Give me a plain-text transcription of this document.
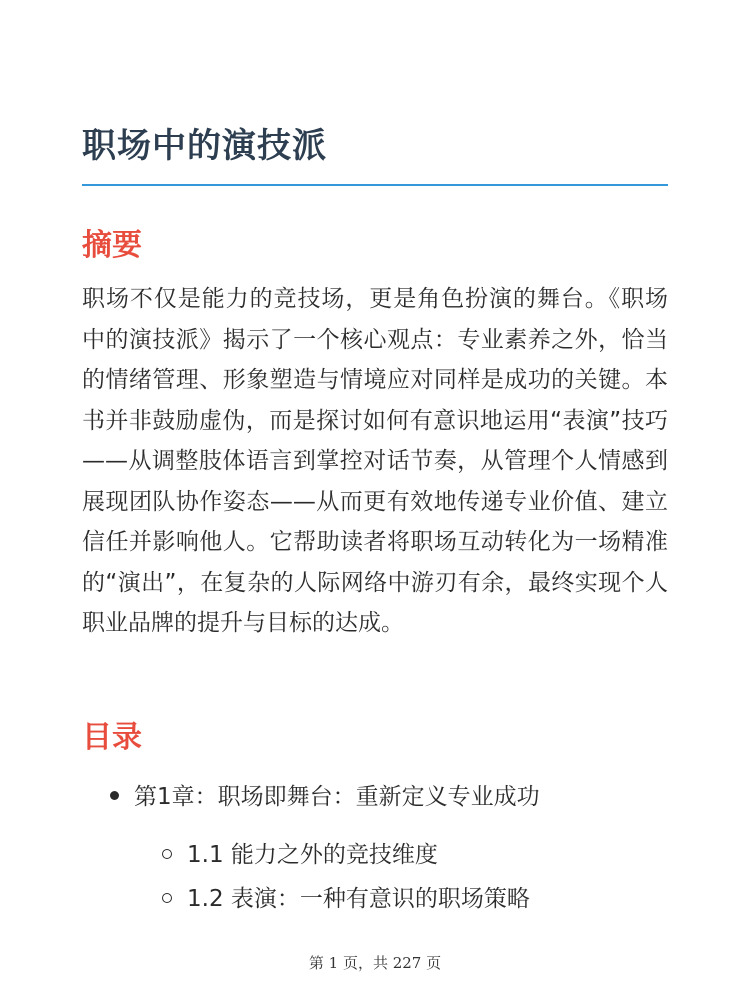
职场中的演技派
摘要

职场不仅是能力的竞技场，更是角色扮演的舞台。《职场中的演技派》揭示了一个核心观点：专业素养之外，恰当的情绪管理、形象塑造与情境应对同样是成功的关键。本书并非鼓励虚伪，而是探讨如何有意识地运用“表演”技巧——从调整肢体语言到掌控对话节奏，从管理个人情感到展现团队协作姿态——从而更有效地传递专业价值、建立信任并影响他人。它帮助读者将职场互动转化为一场精准的“演出”，在复杂的人际网络中游刃有余，最终实现个人职业品牌的提升与目标的达成。

目录
第1章：职场即舞台：重新定义专业成功
1.1 能力之外的竞技维度
1.2 表演：一种有意识的职场策略
第 1 页，共 227 页
